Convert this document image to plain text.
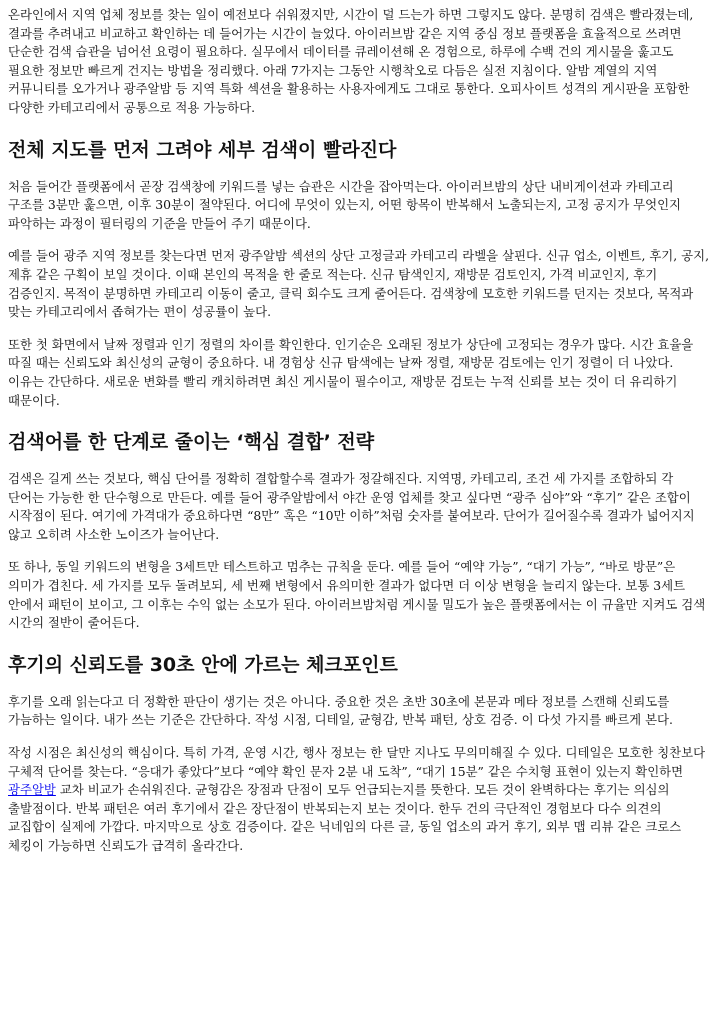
온라인에서 지역 업체 정보를 찾는 일이 예전보다 쉬워졌지만, 시간이 덜 드는가 하면 그렇지도 않다. 분명히 검색은 빨라졌는데, 결과를 추려내고 비교하고 확인하는 데 들어가는 시간이 늘었다. 아이러브밤 같은 지역 중심 정보 플랫폼을 효율적으로 쓰려면 단순한 검색 습관을 넘어선 요령이 필요하다. 실무에서 데이터를 큐레이션해 온 경험으로, 하루에 수백 건의 게시물을 훑고도 필요한 정보만 빠르게 건지는 방법을 정리했다. 아래 7가지는 그동안 시행착오로 다듬은 실전 지침이다. 알밤 계열의 지역 커뮤니티를 오가거나 광주알밤 등 지역 특화 섹션을 활용하는 사용자에게도 그대로 통한다. 오피사이트 성격의 게시판을 포함한 다양한 카테고리에서 공통으로 적용 가능하다.

전체 지도를 먼저 그려야 세부 검색이 빨라진다

처음 들어간 플랫폼에서 곧장 검색창에 키워드를 넣는 습관은 시간을 잡아먹는다. 아이러브밤의 상단 내비게이션과 카테고리 구조를 3분만 훑으면, 이후 30분이 절약된다. 어디에 무엇이 있는지, 어떤 항목이 반복해서 노출되는지, 고정 공지가 무엇인지 파악하는 과정이 필터링의 기준을 만들어 주기 때문이다.

예를 들어 광주 지역 정보를 찾는다면 먼저 광주알밤 섹션의 상단 고정글과 카테고리 라벨을 살핀다. 신규 업소, 이벤트, 후기, 공지, 제휴 같은 구획이 보일 것이다. 이때 본인의 목적을 한 줄로 적는다. 신규 탐색인지, 재방문 검토인지, 가격 비교인지, 후기 검증인지. 목적이 분명하면 카테고리 이동이 줄고, 클릭 회수도 크게 줄어든다. 검색창에 모호한 키워드를 던지는 것보다, 목적과 맞는 카테고리에서 좁혀가는 편이 성공률이 높다.

또한 첫 화면에서 날짜 정렬과 인기 정렬의 차이를 확인한다. 인기순은 오래된 정보가 상단에 고정되는 경우가 많다. 시간 효율을 따질 때는 신뢰도와 최신성의 균형이 중요하다. 내 경험상 신규 탐색에는 날짜 정렬, 재방문 검토에는 인기 정렬이 더 나았다. 이유는 간단하다. 새로운 변화를 빨리 캐치하려면 최신 게시물이 필수이고, 재방문 검토는 누적 신뢰를 보는 것이 더 유리하기 때문이다.

검색어를 한 단계로 줄이는 ‘핵심 결합’ 전략

검색은 길게 쓰는 것보다, 핵심 단어를 정확히 결합할수록 결과가 정갈해진다. 지역명, 카테고리, 조건 세 가지를 조합하되 각 단어는 가능한 한 단수형으로 만든다. 예를 들어 광주알밤에서 야간 운영 업체를 찾고 싶다면 “광주 심야”와 “후기” 같은 조합이 시작점이 된다. 여기에 가격대가 중요하다면 “8만” 혹은 “10만 이하”처럼 숫자를 붙여보라. 단어가 길어질수록 결과가 넓어지지 않고 오히려 사소한 노이즈가 늘어난다.

또 하나, 동일 키워드의 변형을 3세트만 테스트하고 멈추는 규칙을 둔다. 예를 들어 “예약 가능”, “대기 가능”, “바로 방문”은 의미가 겹친다. 세 가지를 모두 돌려보되, 세 번째 변형에서 유의미한 결과가 없다면 더 이상 변형을 늘리지 않는다. 보통 3세트 안에서 패턴이 보이고, 그 이후는 수익 없는 소모가 된다. 아이러브밤처럼 게시물 밀도가 높은 플랫폼에서는 이 규율만 지켜도 검색 시간의 절반이 줄어든다.

후기의 신뢰도를 30초 안에 가르는 체크포인트

후기를 오래 읽는다고 더 정확한 판단이 생기는 것은 아니다. 중요한 것은 초반 30초에 본문과 메타 정보를 스캔해 신뢰도를 가늠하는 일이다. 내가 쓰는 기준은 간단하다. 작성 시점, 디테일, 균형감, 반복 패턴, 상호 검증. 이 다섯 가지를 빠르게 본다.

작성 시점은 최신성의 핵심이다. 특히 가격, 운영 시간, 행사 정보는 한 달만 지나도 무의미해질 수 있다. 디테일은 모호한 칭찬보다 구체적 단어를 찾는다. “응대가 좋았다”보다 “예약 확인 문자 2분 내 도착”, “대기 15분” 같은 수치형 표현이 있는지 확인하면 광주알밤 교차 비교가 손쉬워진다. 균형감은 장점과 단점이 모두 언급되는지를 뜻한다. 모든 것이 완벽하다는 후기는 의심의 출발점이다. 반복 패턴은 여러 후기에서 같은 장단점이 반복되는지 보는 것이다. 한두 건의 극단적인 경험보다 다수 의견의 교집합이 실제에 가깝다. 마지막으로 상호 검증이다. 같은 닉네임의 다른 글, 동일 업소의 과거 후기, 외부 맵 리뷰 같은 크로스 체킹이 가능하면 신뢰도가 급격히 올라간다.
